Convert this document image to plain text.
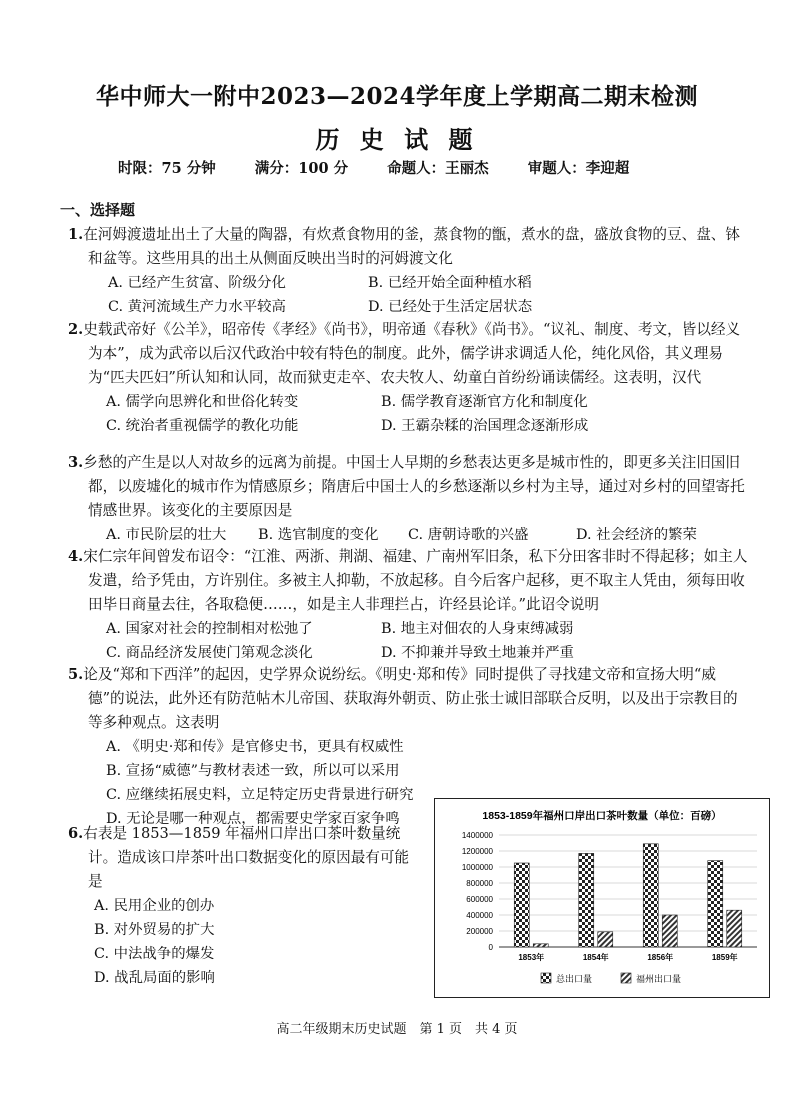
华中师大一附中2023—2024学年度上学期高二期末检测
历 史 试 题
时限：75 分钟	满分：100 分	命题人：王丽杰	审题人：李迎超
一、选择题
1.在河姆渡遗址出土了大量的陶器，有炊煮食物用的釜，蒸食物的甑，煮水的盘，盛放食物的豆、盘、钵和盆等。这些用具的出土从侧面反映出当时的河姆渡文化
A. 已经产生贫富、阶级分化	B. 已经开始全面种植水稻
C. 黄河流域生产力水平较高	D. 已经处于生活定居状态
2.史载武帝好《公羊》，昭帝传《孝经》《尚书》，明帝通《春秋》《尚书》。“议礼、制度、考文，皆以经义为本”，成为武帝以后汉代政治中较有特色的制度。此外，儒学讲求调适人伦，纯化风俗，其义理易为“匹夫匹妇”所认知和认同，故而狱吏走卒、农夫牧人、幼童白首纷纷诵读儒经。这表明，汉代
A. 儒学向思辨化和世俗化转变	B. 儒学教育逐渐官方化和制度化
C. 统治者重视儒学的教化功能	D. 王霸杂糅的治国理念逐渐形成
3.乡愁的产生是以人对故乡的远离为前提。中国士人早期的乡愁表达更多是城市性的，即更多关注旧国旧都，以废墟化的城市作为情感原乡；隋唐后中国士人的乡愁逐渐以乡村为主导，通过对乡村的回望寄托情感世界。该变化的主要原因是
A. 市民阶层的壮大 B. 选官制度的变化 C. 唐朝诗歌的兴盛	D. 社会经济的繁荣
4.宋仁宗年间曾发布诏令：“江淮、两浙、荆湖、福建、广南州军旧条，私下分田客非时不得起移；如主人发遣，给予凭由，方许别住。多被主人抑勒，不放起移。自今后客户起移，更不取主人凭由，须每田收田毕日商量去往，各取稳便……，如是主人非理拦占，许经县论详。”此诏令说明
A. 国家对社会的控制相对松弛了	B. 地主对佃农的人身束缚减弱
C. 商品经济发展使门第观念淡化	D. 不抑兼并导致土地兼并严重
5.论及“郑和下西洋”的起因，史学界众说纷纭。《明史·郑和传》同时提供了寻找建文帝和宣扬大明“威德”的说法，此外还有防范帖木儿帝国、获取海外朝贡、防止张士诚旧部联合反明，以及出于宗教目的等多种观点。这表明
A. 《明史·郑和传》是官修史书，更具有权威性
B. 宣扬“威德”与教材表述一致，所以可以采用
C. 应继续拓展史料，立足特定历史背景进行研究
D. 无论是哪一种观点，都需要史学家百家争鸣
6.右表是 1853—1859 年福州口岸出口茶叶数量统计。造成该口岸茶叶出口数据变化的原因最有可能是
A. 民用企业的创办
B. 对外贸易的扩大
C. 中法战争的爆发
D. 战乱局面的影响
1853-1859年福州口岸出口茶叶数量（单位：百磅）
1400000
1200000
1000000
800000
600000
400000
200000
0
1853年	1854年	1856年	1859年
总出口量	福州出口量
高二年级期末历史试题　第 1 页　共 4 页
